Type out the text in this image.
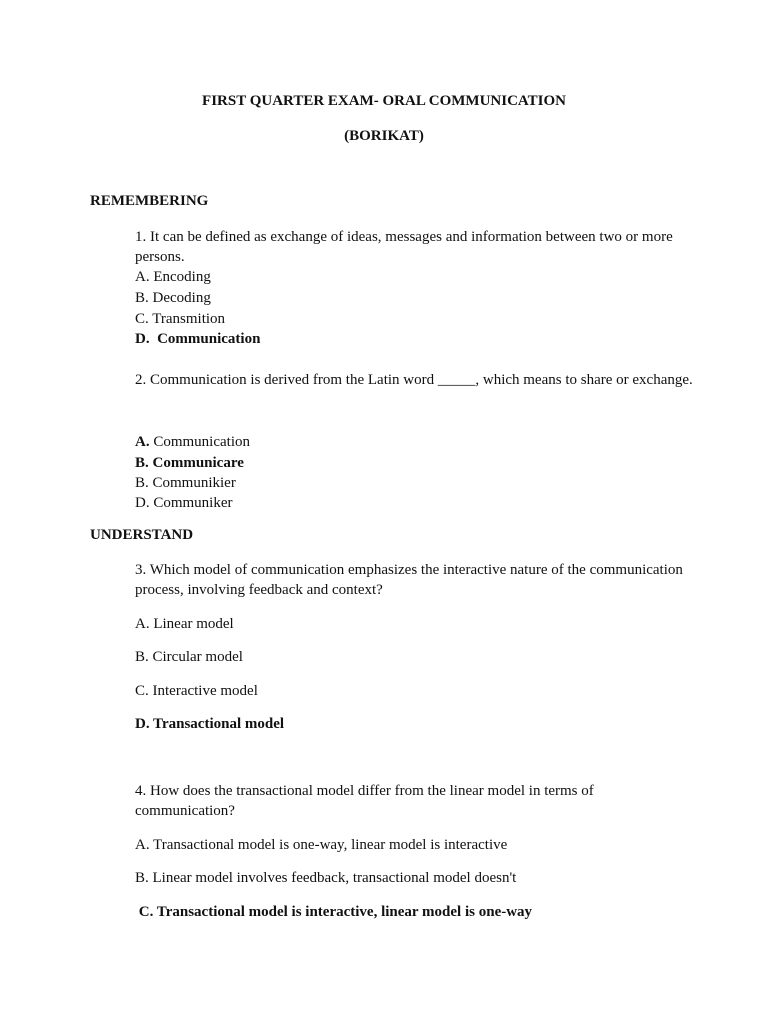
FIRST QUARTER EXAM- ORAL COMMUNICATION
(BORIKAT)
REMEMBERING

1. It can be defined as exchange of ideas, messages and information between two or more persons.

A. Encoding
B. Decoding
C. Transmition
D.  Communication

2. Communication is derived from the Latin word _____, which means to share or exchange.

A. Communication
B. Communicare
B. Communikier
D. Communiker
UNDERSTAND

3. Which model of communication emphasizes the interactive nature of the communication process, involving feedback and context?

A. Linear model
B. Circular model
C. Interactive model
D. Transactional model

4. How does the transactional model differ from the linear model in terms of communication?

A. Transactional model is one-way, linear model is interactive
B. Linear model involves feedback, transactional model doesn't
C. Transactional model is interactive, linear model is one-way
